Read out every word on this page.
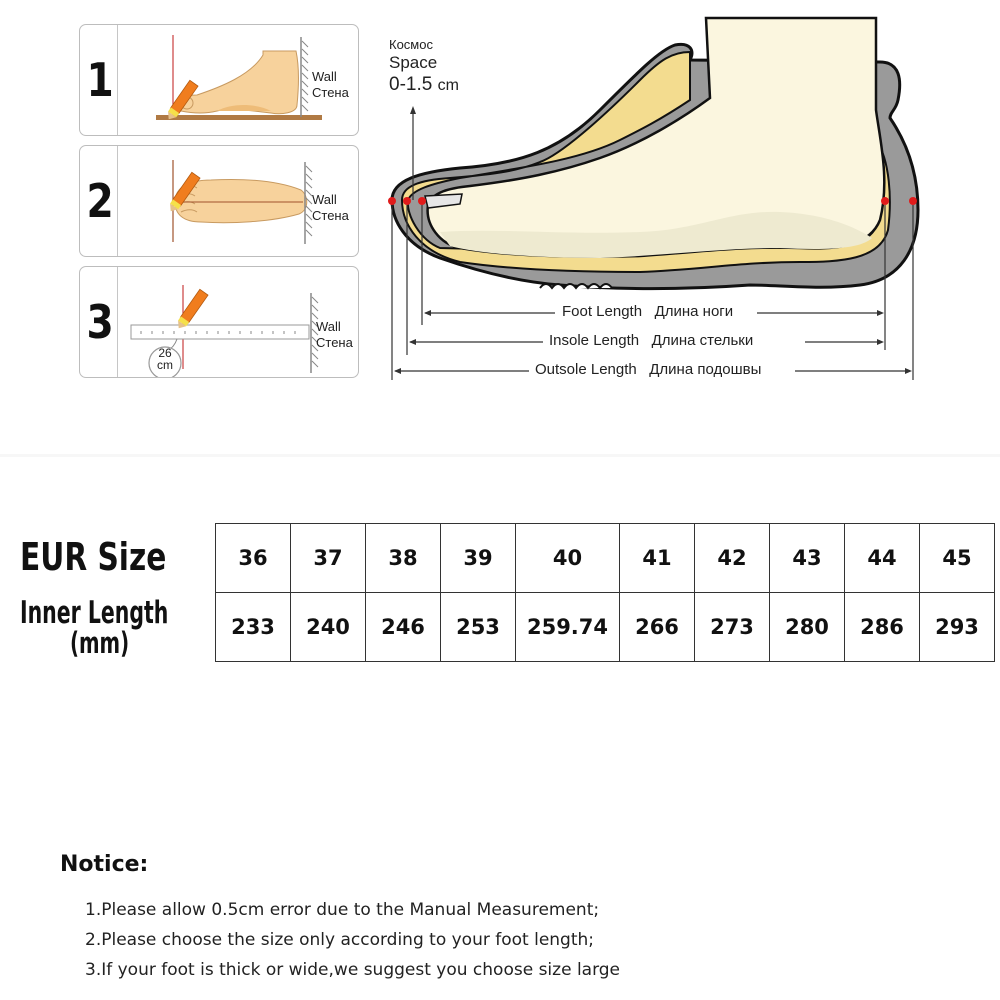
1	Wall
Стена
2	Wall
Стена
3
26
cm
Wall
Стена
Космос
Space
0-1.5 cm
Foot Length Длина ноги
Insole Length Длина стельки
Outsole Length Длина подошвы
EUR Size
Inner Length
(mm)
36	37	38	39	40	41	42	43	44	45
233	240	246	253	259.74	266	273	280	286	293
Notice:
1.Please allow 0.5cm error due to the Manual Measurement;
2.Please choose the size only according to your foot length;
3.If your foot is thick or wide,we suggest you choose size large
